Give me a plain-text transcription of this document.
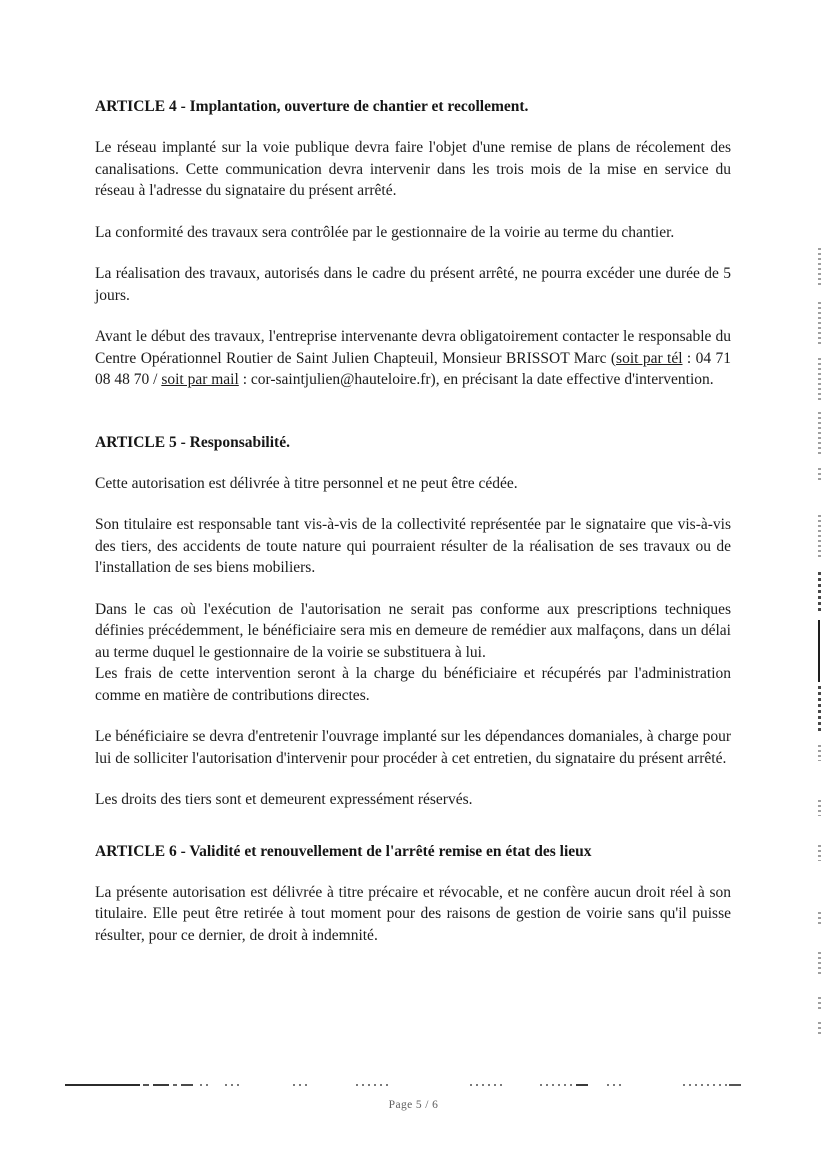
ARTICLE 4 - Implantation, ouverture de chantier et recollement.

Le réseau implanté sur la voie publique devra faire l'objet d'une remise de plans de récolement des canalisations. Cette communication devra intervenir dans les trois mois de la mise en service du réseau à l'adresse du signataire du présent arrêté.

La conformité des travaux sera contrôlée par le gestionnaire de la voirie au terme du chantier.

La réalisation des travaux, autorisés dans le cadre du présent arrêté, ne pourra excéder une durée de 5 jours.

Avant le début des travaux, l'entreprise intervenante devra obligatoirement contacter le responsable du Centre Opérationnel Routier de Saint Julien Chapteuil, Monsieur BRISSOT Marc (soit par tél : 04 71 08 48 70 / soit par mail : cor-saintjulien@hauteloire.fr), en précisant la date effective d'intervention.

ARTICLE 5 - Responsabilité.

Cette autorisation est délivrée à titre personnel et ne peut être cédée.

Son titulaire est responsable tant vis-à-vis de la collectivité représentée par le signataire que vis-à-vis des tiers, des accidents de toute nature qui pourraient résulter de la réalisation de ses travaux ou de l'installation de ses biens mobiliers.

Dans le cas où l'exécution de l'autorisation ne serait pas conforme aux prescriptions techniques définies précédemment, le bénéficiaire sera mis en demeure de remédier aux malfaçons, dans un délai au terme duquel le gestionnaire de la voirie se substituera à lui.

Les frais de cette intervention seront à la charge du bénéficiaire et récupérés par l'administration comme en matière de contributions directes.

Le bénéficiaire se devra d'entretenir l'ouvrage implanté sur les dépendances domaniales, à charge pour lui de solliciter l'autorisation d'intervenir pour procéder à cet entretien, du signataire du présent arrêté.

Les droits des tiers sont et demeurent expressément réservés.

ARTICLE 6 - Validité et renouvellement de l'arrêté remise en état des lieux

La présente autorisation est délivrée à titre précaire et révocable, et ne confère aucun droit réel à son titulaire. Elle peut être retirée à tout moment pour des raisons de gestion de voirie sans qu'il puisse résulter, pour ce dernier, de droit à indemnité.

Page 5 / 6
